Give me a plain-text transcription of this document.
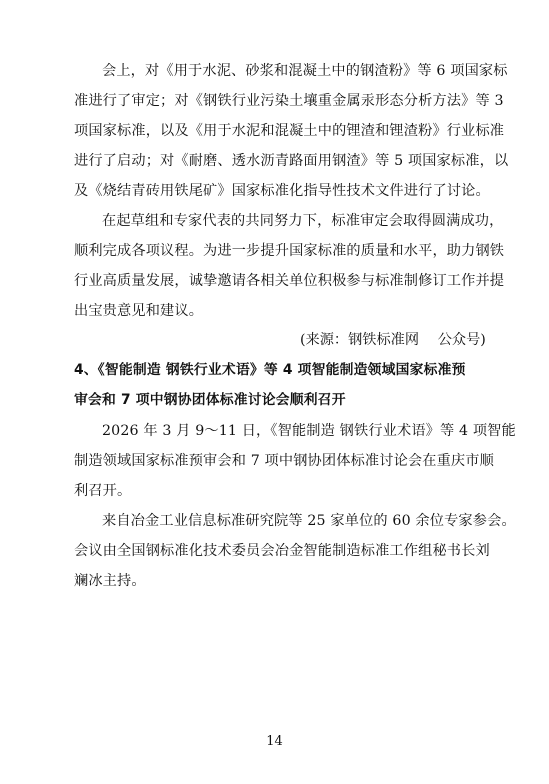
会上，对《用于水泥、砂浆和混凝土中的钢渣粉》等 6 项国家标
准进行了审定；对《钢铁行业污染土壤重金属汞形态分析方法》等 3
项国家标准，以及《用于水泥和混凝土中的锂渣和锂渣粉》行业标准
进行了启动；对《耐磨、透水沥青路面用钢渣》等 5 项国家标准，以
及《烧结青砖用铁尾矿》国家标准化指导性技术文件进行了讨论。
在起草组和专家代表的共同努力下，标准审定会取得圆满成功，
顺利完成各项议程。为进一步提升国家标准的质量和水平，助力钢铁
行业高质量发展，诚挚邀请各相关单位积极参与标准制修订工作并提
出宝贵意见和建议。
(来源：钢铁标准网　 公众号)
4、《智能制造 钢铁行业术语》等 4 项智能制造领域国家标准预
审会和 7 项中钢协团体标准讨论会顺利召开
2026 年 3 月 9～11 日，《智能制造 钢铁行业术语》等 4 项智能
制造领域国家标准预审会和 7 项中钢协团体标准讨论会在重庆市顺
利召开。
来自冶金工业信息标准研究院等 25 家单位的 60 余位专家参会。
会议由全国钢标准化技术委员会冶金智能制造标准工作组秘书长刘
斓冰主持。
14
